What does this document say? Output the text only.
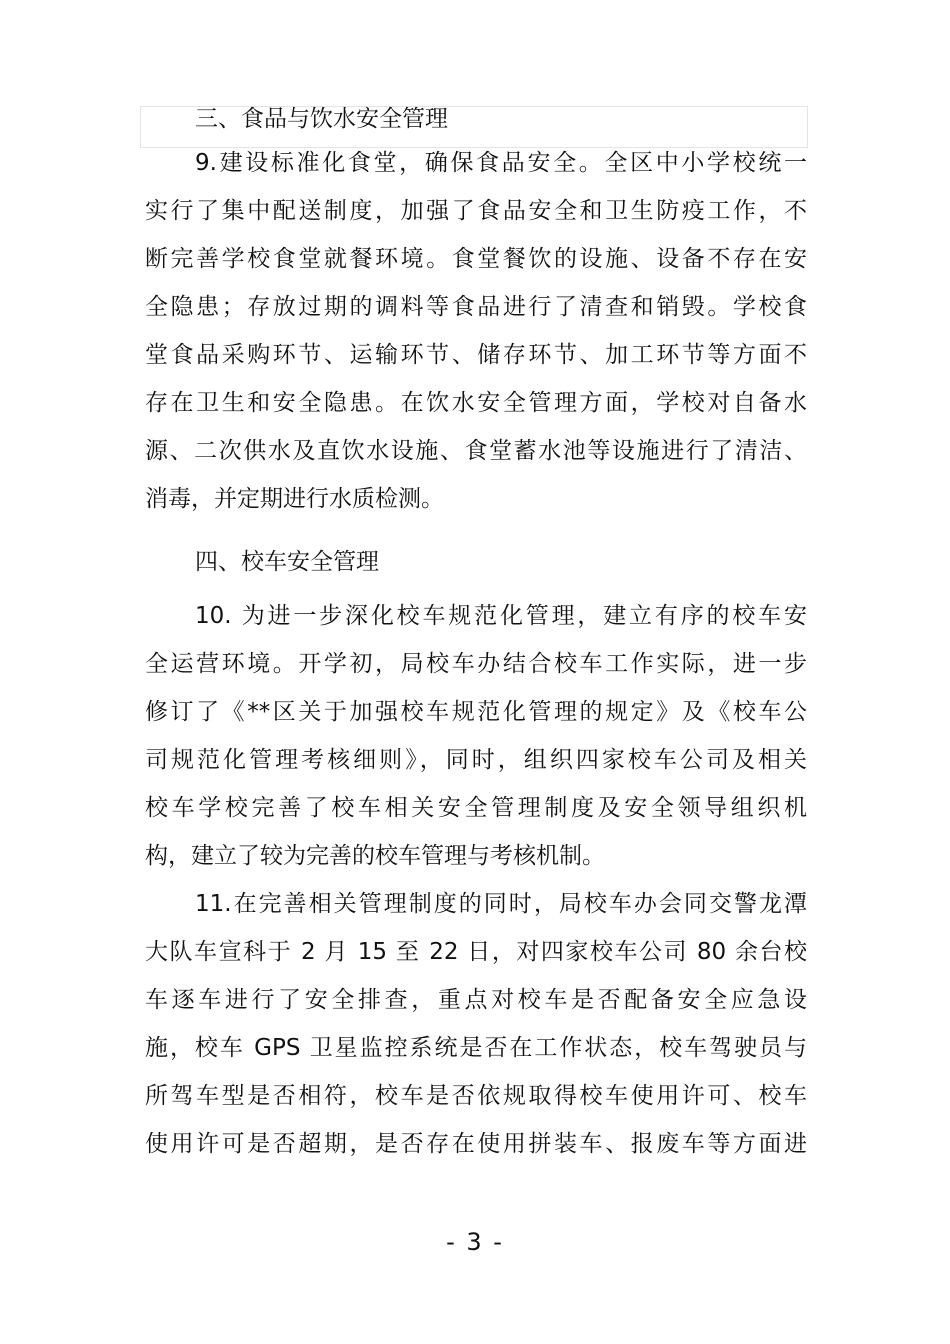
三、食品与饮水安全管理

9.建设标准化食堂，确保食品安全。全区中小学校统一
实行了集中配送制度，加强了食品安全和卫生防疫工作，不
断完善学校食堂就餐环境。食堂餐饮的设施、设备不存在安
全隐患；存放过期的调料等食品进行了清查和销毁。学校食
堂食品采购环节、运输环节、储存环节、加工环节等方面不
存在卫生和安全隐患。在饮水安全管理方面，学校对自备水
源、二次供水及直饮水设施、食堂蓄水池等设施进行了清洁、
消毒，并定期进行水质检测。

四、校车安全管理

10. 为进一步深化校车规范化管理，建立有序的校车安
全运营环境。开学初，局校车办结合校车工作实际，进一步
修订了《**区关于加强校车规范化管理的规定》及《校车公
司规范化管理考核细则》，同时，组织四家校车公司及相关
校车学校完善了校车相关安全管理制度及安全领导组织机
构，建立了较为完善的校车管理与考核机制。

11.在完善相关管理制度的同时，局校车办会同交警龙潭
大队车宣科于 2 月 15 至 22 日，对四家校车公司 80 余台校
车逐车进行了安全排查，重点对校车是否配备安全应急设
施，校车 GPS 卫星监控系统是否在工作状态，校车驾驶员与
所驾车型是否相符，校车是否依规取得校车使用许可、校车
使用许可是否超期，是否存在使用拼装车、报废车等方面进

- 3 -
